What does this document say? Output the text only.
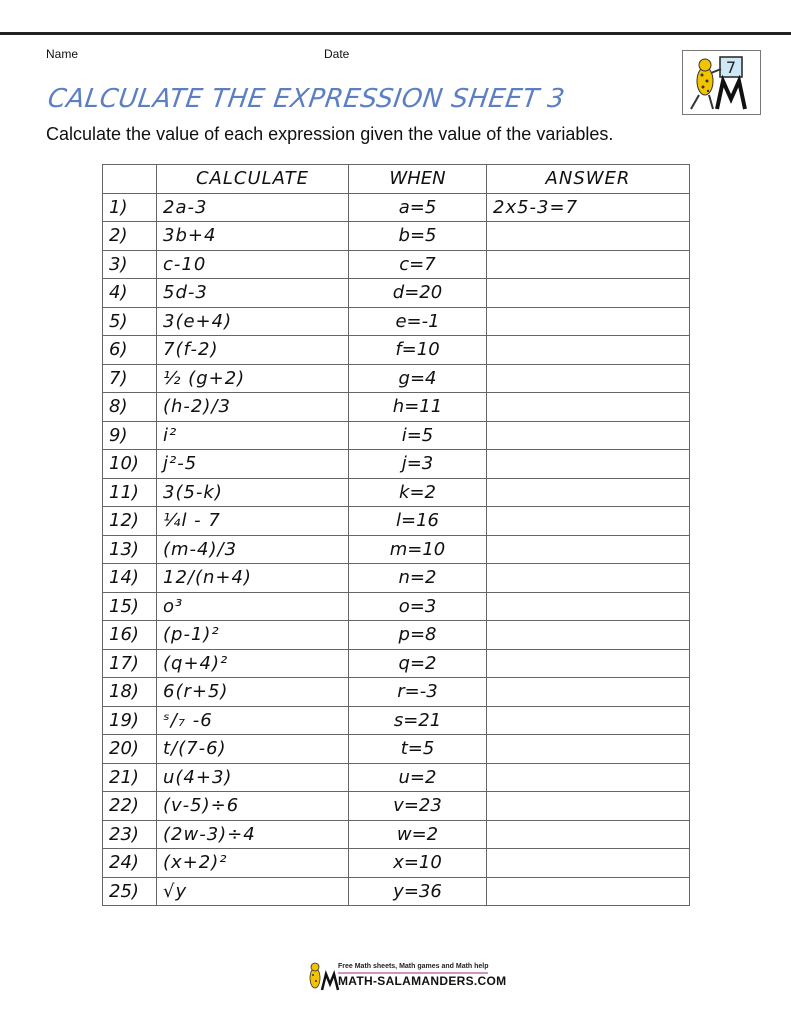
Name	Date
7
CALCULATE THE EXPRESSION SHEET 3
Calculate the value of each expression given the value of the variables.
	CALCULATE	WHEN	ANSWER
1)	2a-3	a=5	2x5-3=7
2)	3b+4	b=5	
3)	c-10	c=7	
4)	5d-3	d=20	
5)	3(e+4)	e=-1	
6)	7(f-2)	f=10	
7)	½ (g+2)	g=4	
8)	(h-2)/3	h=11	
9)	i²	i=5	
10)	j²-5	j=3	
11)	3(5-k)	k=2	
12)	¼l - 7	l=16	
13)	(m-4)/3	m=10	
14)	12/(n+4)	n=2	
15)	o³	o=3	
16)	(p-1)²	p=8	
17)	(q+4)²	q=2	
18)	6(r+5)	r=-3	
19)	ˢ/₇ -6	s=21	
20)	t/(7-6)	t=5	
21)	u(4+3)	u=2	
22)	(v-5)÷6	v=23	
23)	(2w-3)÷4	w=2	
24)	(x+2)²	x=10	
25)	√y	y=36	
Free Math sheets, Math games and Math help
MATH-SALAMANDERS.COM
